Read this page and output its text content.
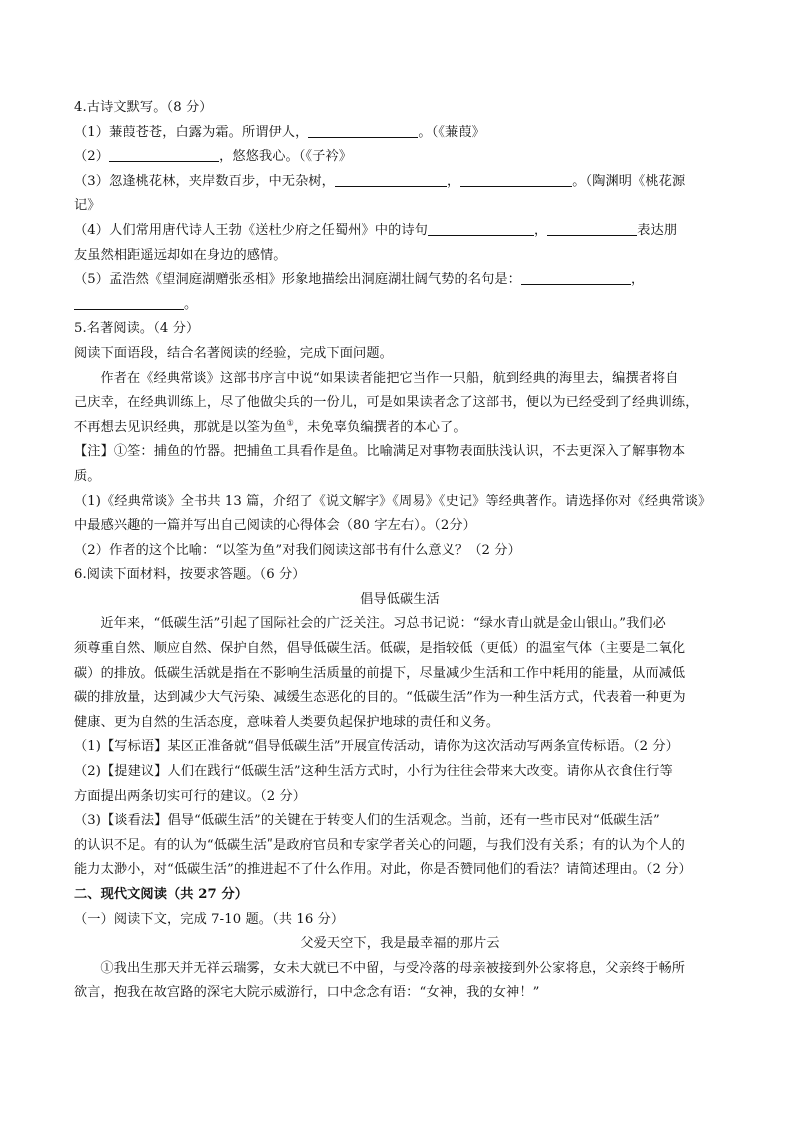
4.古诗文默写。（8 分）

（1）蒹葭苍苍，白露为霜。所谓伊人，	。（《蒹葭》

（2）	，悠悠我心。（《子衿》

（3）忽逢桃花林，夹岸数百步，中无杂树，	，	。（陶渊明《桃花源

记》

（4）人们常用唐代诗人王勃《送杜少府之任蜀州》中的诗句	，	表达朋

友虽然相距遥远却如在身边的感情。

（5）孟浩然《望洞庭湖赠张丞相》形象地描绘出洞庭湖壮阔气势的名句是：	，

。

5.名著阅读。（4 分）

阅读下面语段，结合名著阅读的经验，完成下面问题。

作者在《经典常谈》这部书序言中说“如果读者能把它当作一只船，航到经典的海里去，编撰者将自

己庆幸，在经典训练上，尽了他做尖兵的一份儿，可是如果读者念了这部书，便以为已经受到了经典训练，

不再想去见识经典，那就是以筌为鱼①，未免辜负编撰者的本心了。

【注】①筌：捕鱼的竹器。把捕鱼工具看作是鱼。比喻满足对事物表面肤浅认识，不去更深入了解事物本

质。

（1)《经典常谈》全书共 13 篇，介绍了《说文解字》《周易》《史记》等经典著作。请选择你对《经典常谈》

中最感兴趣的一篇并写出自己阅读的心得体会（80 字左右）。（2分）

（2）作者的这个比喻：“以筌为鱼”对我们阅读这部书有什么意义？（2 分）

6.阅读下面材料，按要求答题。（6 分）

倡导低碳生活

近年来，“低碳生活”引起了国际社会的广泛关注。习总书记说：“绿水青山就是金山银山。”我们必

须尊重自然、顺应自然、保护自然，倡导低碳生活。低碳，是指较低（更低）的温室气体（主要是二氧化

碳）的排放。低碳生活就是指在不影响生活质量的前提下，尽量减少生活和工作中耗用的能量，从而减低

碳的排放量，达到减少大气污染、减缓生态恶化的目的。“低碳生活”作为一种生活方式，代表着一种更为

健康、更为自然的生活态度，意味着人类要负起保护地球的责任和义务。

（1)【写标语】某区正准备就“倡导低碳生活”开展宣传活动，请你为这次活动写两条宣传标语。（2 分）

（2)【提建议】人们在践行“低碳生活”这种生活方式时，小行为往往会带来大改变。请你从衣食住行等

方面提出两条切实可行的建议。（2 分）

（3)【谈看法】倡导“低碳生活”的关键在于转变人们的生活观念。当前，还有一些市民对“低碳生活”

的认识不足。有的认为“低碳生活ʺ是政府官员和专家学者关心的问题，与我们没有关系；有的认为个人的

能力太渺小，对“低碳生活”的推进起不了什么作用。对此，你是否赞同他们的看法？请简述理由。（2 分）

二、现代文阅读（共 27 分）

（一）阅读下文，完成 7-10 题。（共 16 分）

父爱天空下，我是最幸福的那片云

①我出生那天并无祥云瑞雾，女未大就已不中留，与受冷落的母亲被接到外公家将息，父亲终于畅所

欲言，抱我在故宫路的深宅大院示威游行，口中念念有语：“女神，我的女神！”
